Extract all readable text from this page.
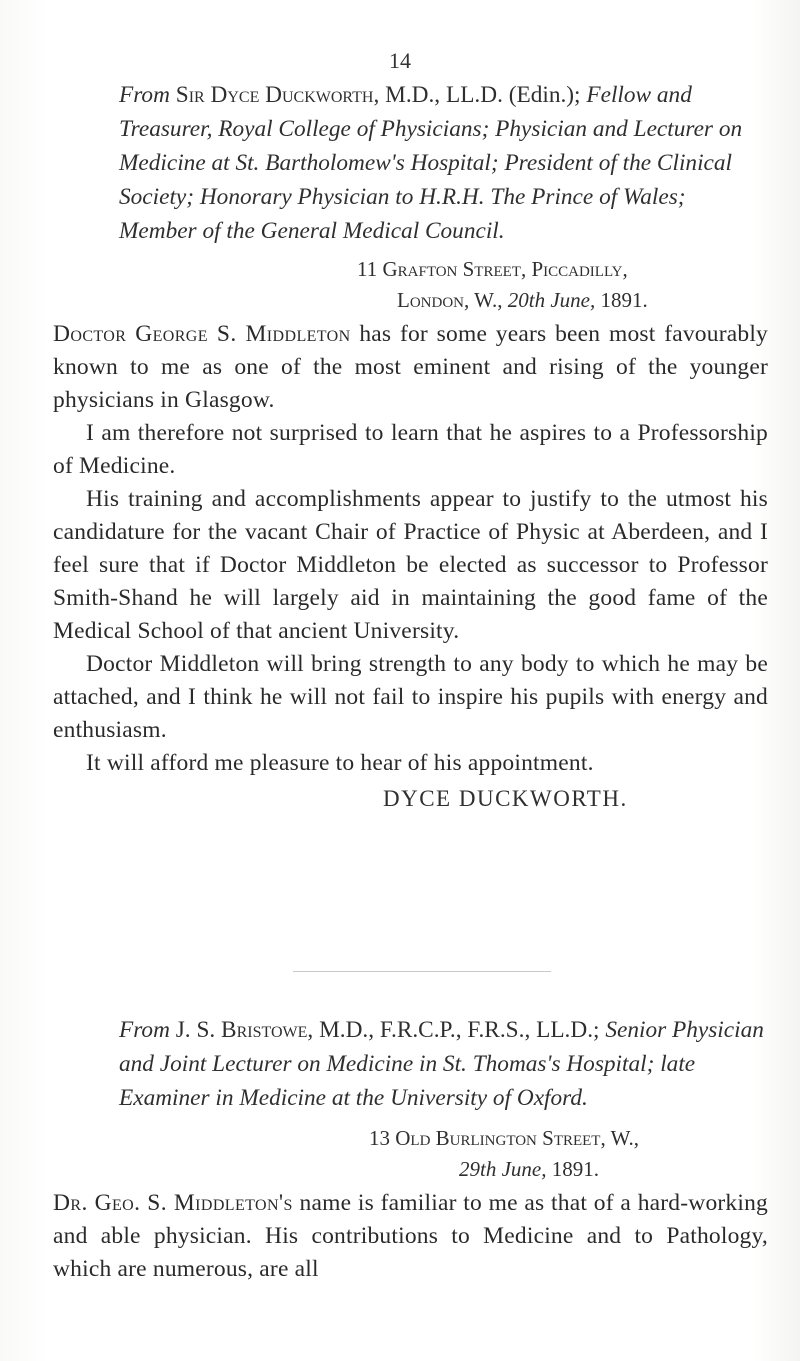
14
From Sir Dyce Duckworth, M.D., LL.D. (Edin.); Fellow and Treasurer, Royal College of Physicians; Physician and Lecturer on Medicine at St. Bartholomew's Hospital; President of the Clinical Society; Honorary Physician to H.R.H. The Prince of Wales; Member of the General Medical Council.
11 Grafton Street, Piccadilly,
London, W., 20th June, 1891.

Doctor George S. Middleton has for some years been most favourably known to me as one of the most eminent and rising of the younger physicians in Glasgow.

I am therefore not surprised to learn that he aspires to a Professorship of Medicine.

His training and accomplishments appear to justify to the utmost his candidature for the vacant Chair of Practice of Physic at Aberdeen, and I feel sure that if Doctor Middleton be elected as successor to Professor Smith-Shand he will largely aid in maintaining the good fame of the Medical School of that ancient University.

Doctor Middleton will bring strength to any body to which he may be attached, and I think he will not fail to inspire his pupils with energy and enthusiasm.

It will afford me pleasure to hear of his appointment.

DYCE DUCKWORTH.
From J. S. Bristowe, M.D., F.R.C.P., F.R.S., LL.D.; Senior Physician and Joint Lecturer on Medicine in St. Thomas's Hospital; late Examiner in Medicine at the University of Oxford.
13 Old Burlington Street, W.,
29th June, 1891.

Dr. Geo. S. Middleton's name is familiar to me as that of a hard-working and able physician. His contributions to Medicine and to Pathology, which are numerous, are all
